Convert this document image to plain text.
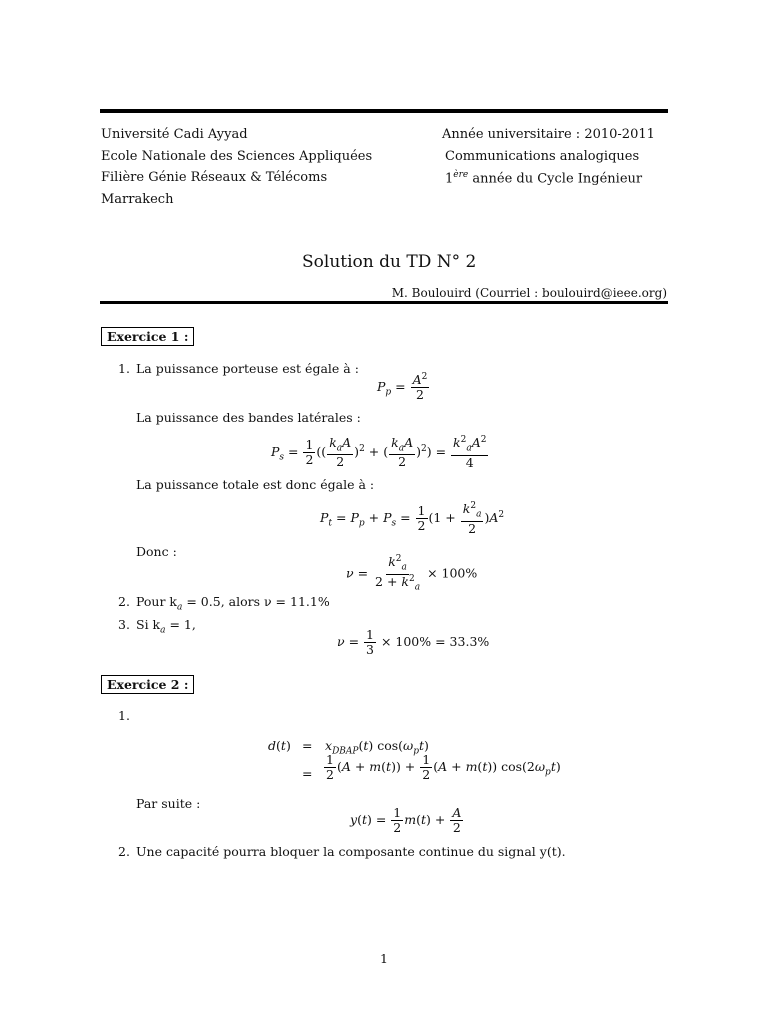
Université Cadi Ayyad
Ecole Nationale des Sciences Appliquées
Filière Génie Réseaux & Télécoms
Marrakech
Année universitaire : 2010-2011
Communications analogiques
1ère année du Cycle Ingénieur
Solution du TD N° 2
M. Boulouird (Courriel : boulouird@ieee.org)
Exercice 1 :
1. La puissance porteuse est égale à :
$P_p = \frac{A^2}{2}$
La puissance des bandes latérales :
$P_s = \frac{1}{2}$ (( $\frac{k_aA}{2} )^2$ + ( $\frac{k_aA}{2} )^2) = \frac{k^2_aA^2}{4}$
La puissance totale est donc égale à :
$P_t = P_p + P_s = \frac{1}{2} (1 + \frac{k^2_a}{2} )A^2$
Donc :
$\nu = \frac{k^2_a}{2 + k^2_a} \times 100\%$
2. Pour $k_a = 0.5$, alors ν = 11.1%
3. Si $k_a = 1$,
$\nu = \frac{1}{3} \times 100\% = 33.3\%$
Exercice 2 :
1.
$d(t) = x_{DBAP}(t)$ $\cos(\omega_pt)$
= $\frac{1}{2} (A + m(t)) + \frac{1}{2} (A + m(t))$ $\cos(2\omega_pt)$
Par suite :
$y(t) = \frac{1}{2} m(t) + \frac{A}{2}$
2. Une capacité pourra bloquer la composante continue du signal y(t).
1
